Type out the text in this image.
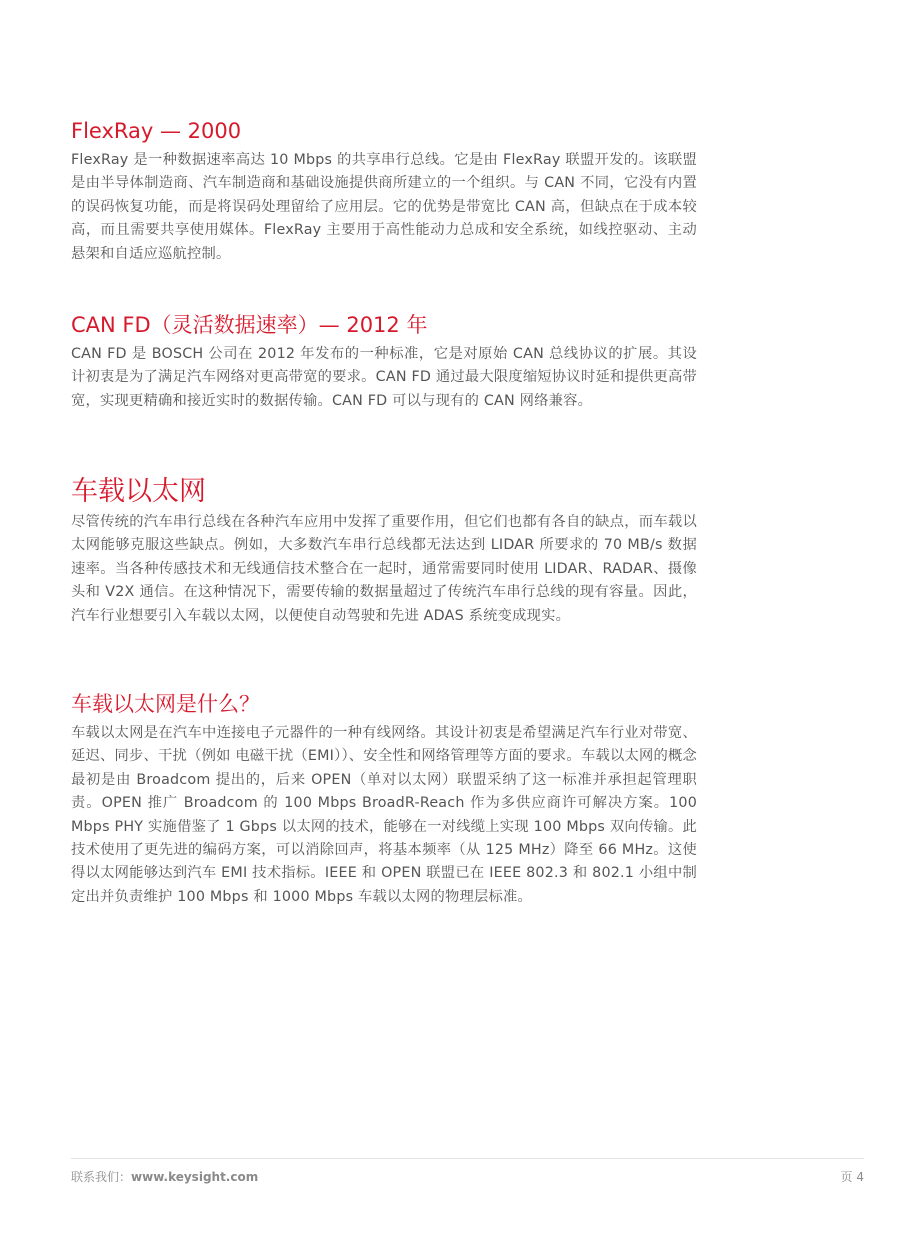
FlexRay — 2000

FlexRay 是一种数据速率高达 10 Mbps 的共享串行总线。它是由 FlexRay 联盟开发的。该联盟是由半导体制造商、汽车制造商和基础设施提供商所建立的一个组织。与 CAN 不同，它没有内置的误码恢复功能，而是将误码处理留给了应用层。它的优势是带宽比 CAN 高，但缺点在于成本较高，而且需要共享使用媒体。FlexRay 主要用于高性能动力总成和安全系统，如线控驱动、主动悬架和自适应巡航控制。

CAN FD（灵活数据速率）— 2012 年

CAN FD 是 BOSCH 公司在 2012 年发布的一种标准，它是对原始 CAN 总线协议的扩展。其设计初衷是为了满足汽车网络对更高带宽的要求。CAN FD 通过最大限度缩短协议时延和提供更高带宽，实现更精确和接近实时的数据传输。CAN FD 可以与现有的 CAN 网络兼容。

车载以太网

尽管传统的汽车串行总线在各种汽车应用中发挥了重要作用，但它们也都有各自的缺点，而车载以太网能够克服这些缺点。例如，大多数汽车串行总线都无法达到 LIDAR 所要求的 70 MB/s 数据速率。当各种传感技术和无线通信技术整合在一起时，通常需要同时使用 LIDAR、RADAR、摄像头和 V2X 通信。在这种情况下，需要传输的数据量超过了传统汽车串行总线的现有容量。因此，汽车行业想要引入车载以太网，以便使自动驾驶和先进 ADAS 系统变成现实。

车载以太网是什么？

车载以太网是在汽车中连接电子元器件的一种有线网络。其设计初衷是希望满足汽车行业对带宽、延迟、同步、干扰（例如 电磁干扰（EMI））、安全性和网络管理等方面的要求。车载以太网的概念最初是由 Broadcom 提出的，后来 OPEN（单对以太网）联盟采纳了这一标准并承担起管理职责。OPEN 推广 Broadcom 的 100 Mbps BroadR-Reach 作为多供应商许可解决方案。100 Mbps PHY 实施借鉴了 1 Gbps 以太网的技术，能够在一对线缆上实现 100 Mbps 双向传输。此技术使用了更先进的编码方案，可以消除回声，将基本频率（从 125 MHz）降至 66 MHz。这使得以太网能够达到汽车 EMI 技术指标。IEEE 和 OPEN 联盟已在 IEEE 802.3 和 802.1 小组中制定出并负责维护 100 Mbps 和 1000 Mbps 车载以太网的物理层标准。

联系我们：www.keysight.com	页 4
